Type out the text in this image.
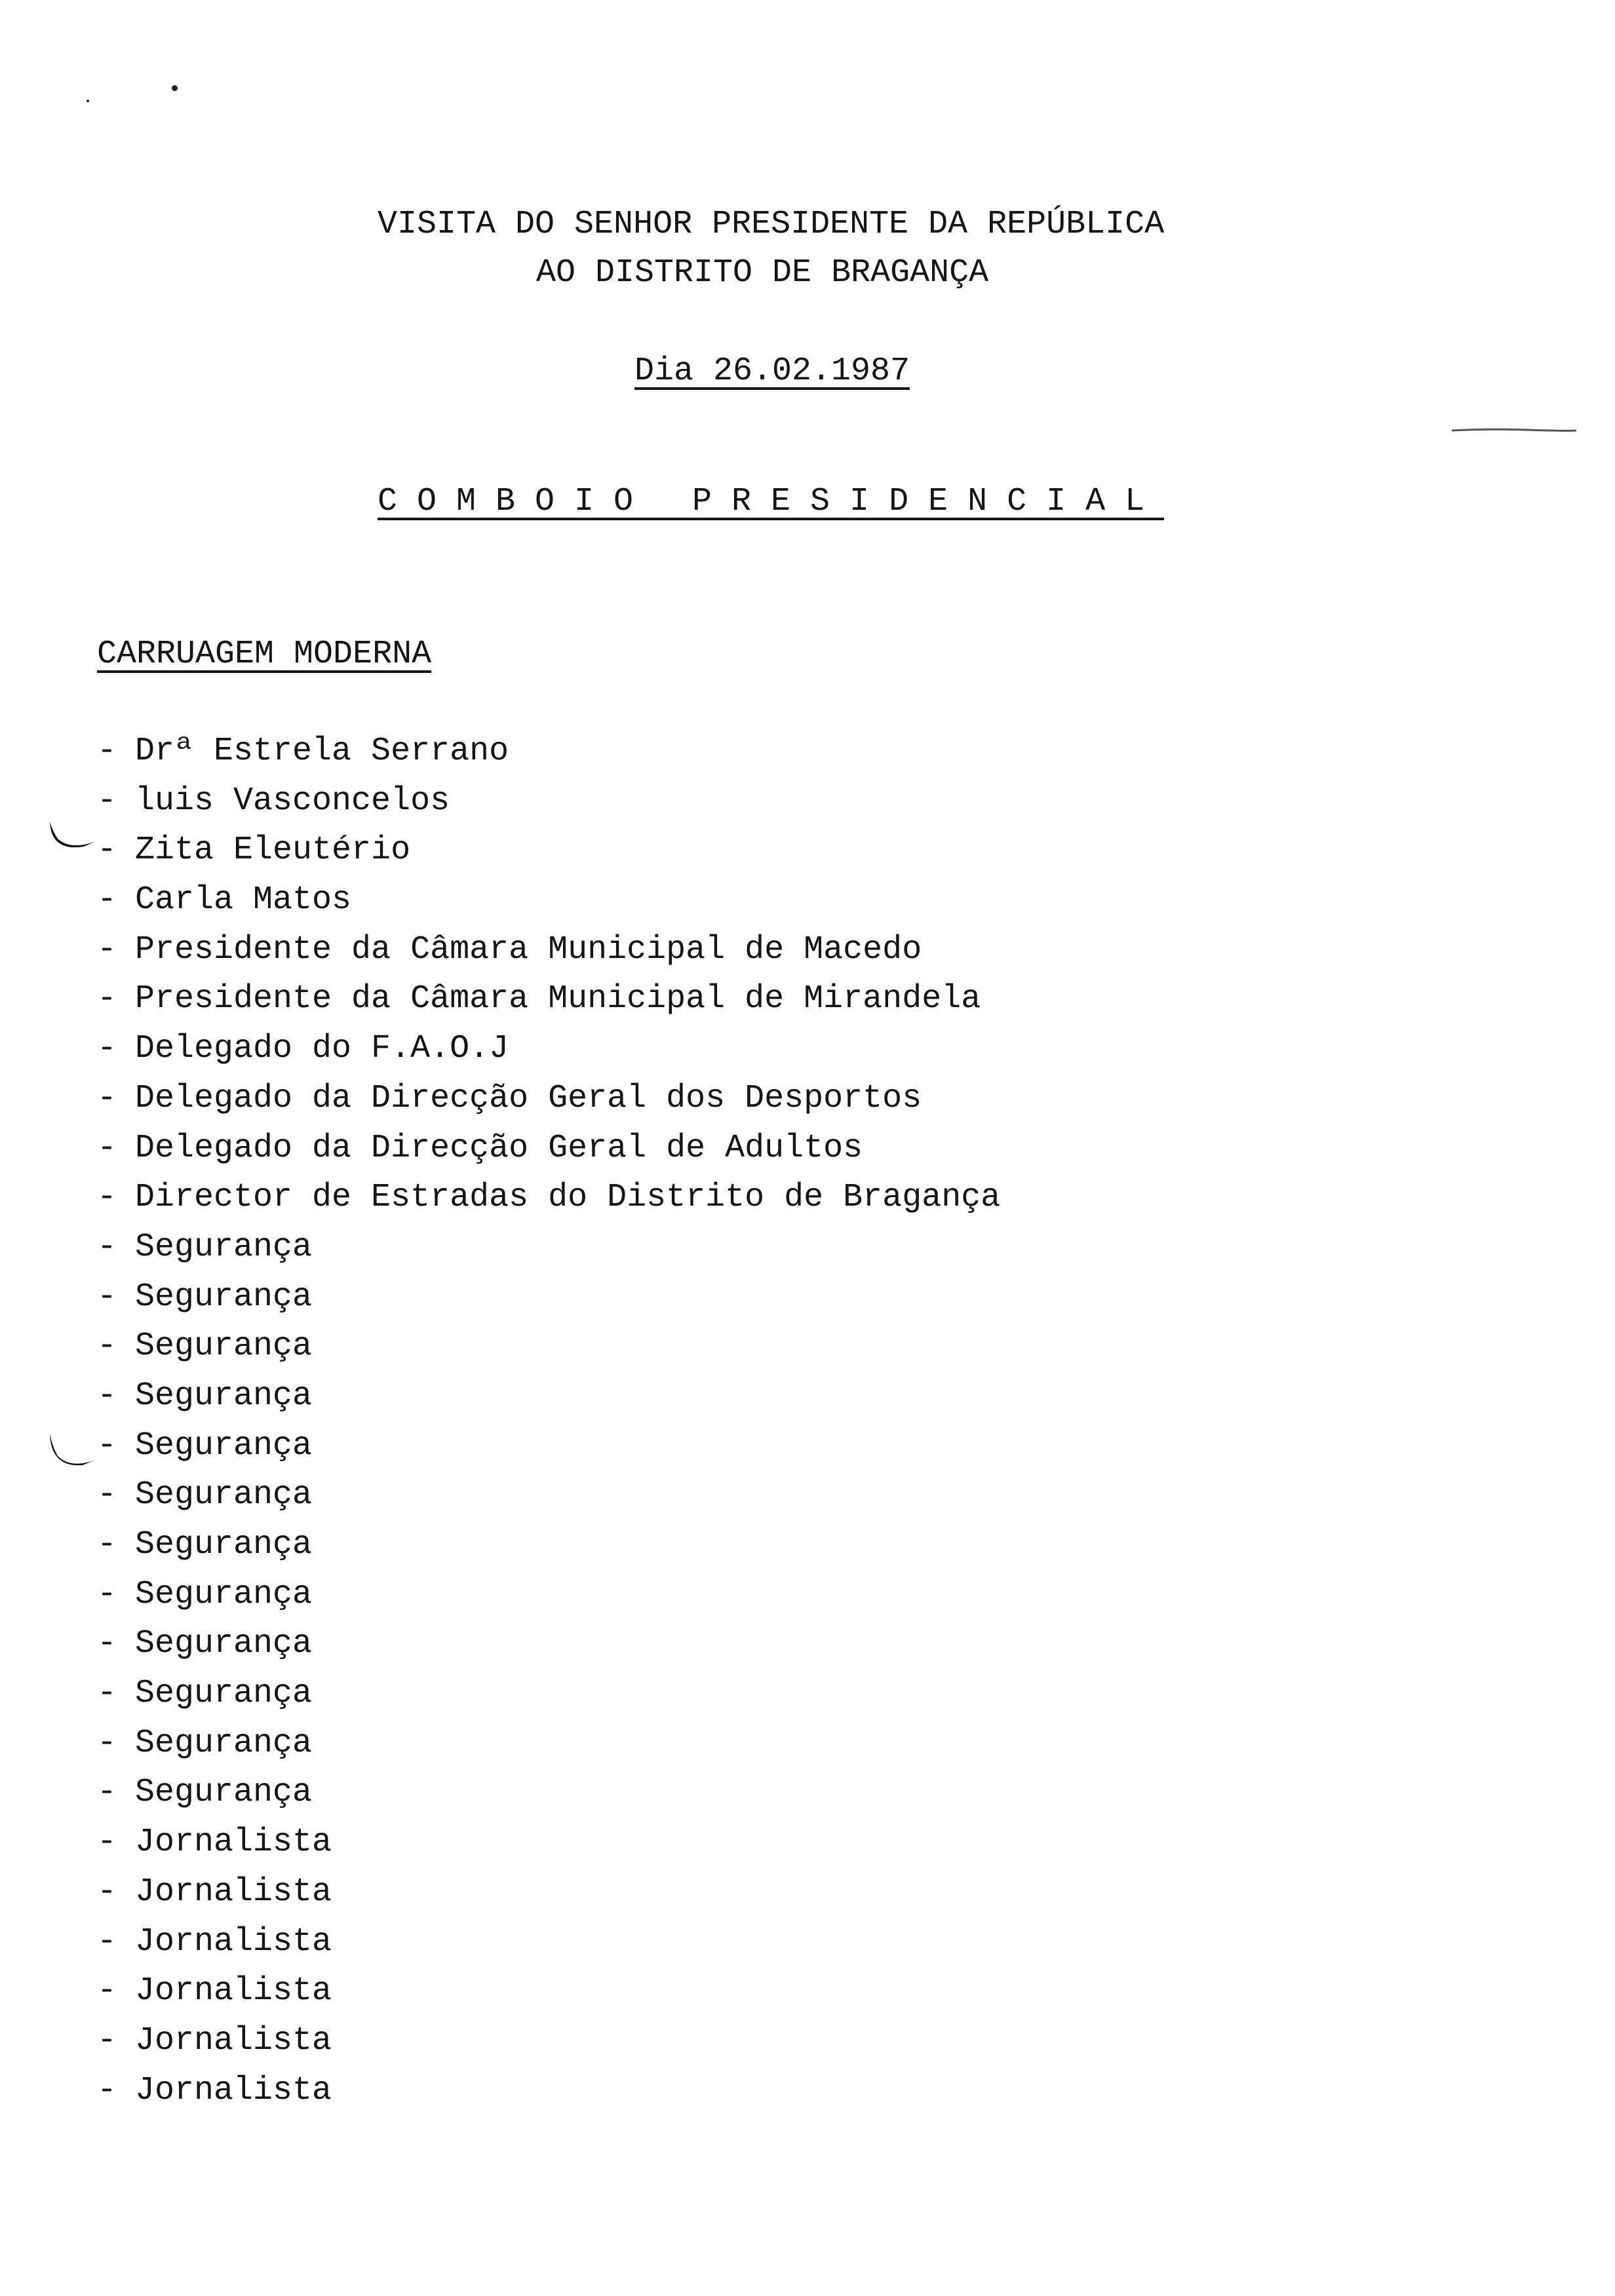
VISITA DO SENHOR PRESIDENTE DA REPÚBLICA
AO DISTRITO DE BRAGANÇA
Dia 26.02.1987
COMBOIO PRESIDENCIAL
CARRUAGEM MODERNA
- Drª Estrela Serrano
- luis Vasconcelos
- Zita Eleutério
- Carla Matos
- Presidente da Câmara Municipal de Macedo
- Presidente da Câmara Municipal de Mirandela
- Delegado do F.A.O.J
- Delegado da Direcção Geral dos Desportos
- Delegado da Direcção Geral de Adultos
- Director de Estradas do Distrito de Bragança
- Segurança
- Segurança
- Segurança
- Segurança
- Segurança
- Segurança
- Segurança
- Segurança
- Segurança
- Segurança
- Segurança
- Segurança
- Jornalista
- Jornalista
- Jornalista
- Jornalista
- Jornalista
- Jornalista
